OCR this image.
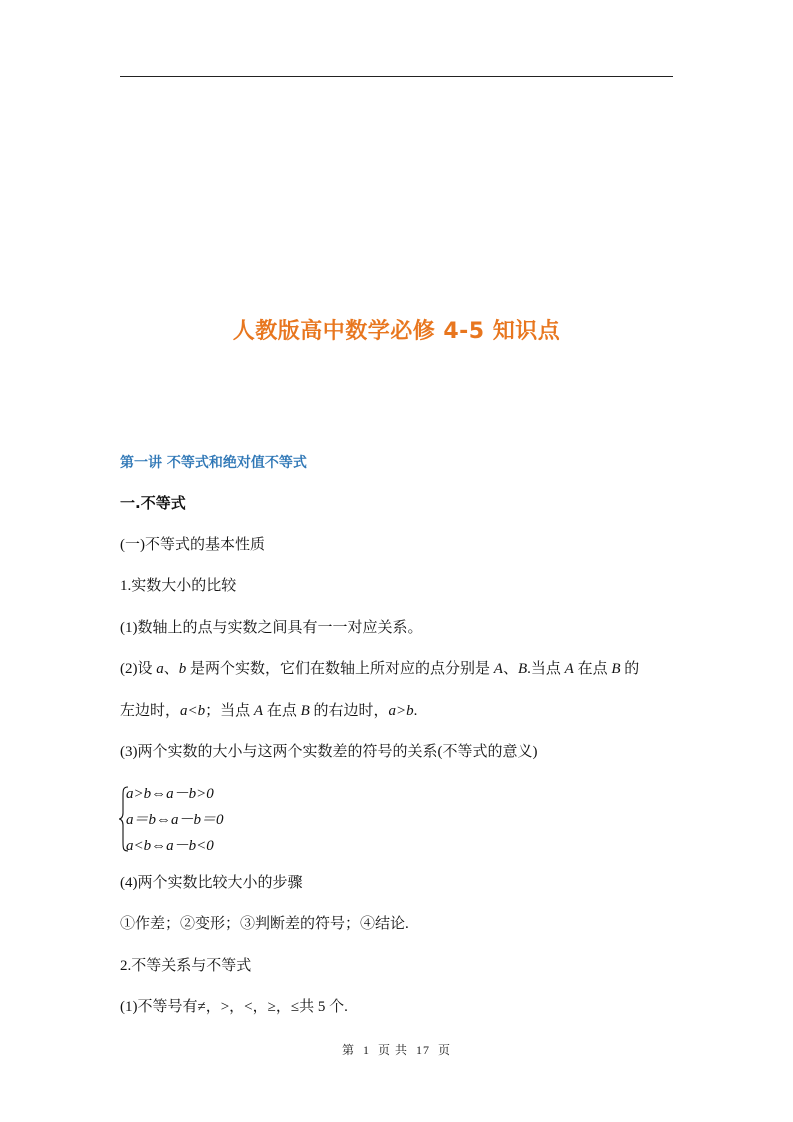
人教版高中数学必修 4-5 知识点
第一讲 不等式和绝对值不等式
一.不等式
(一)不等式的基本性质
1.实数大小的比较
(1)数轴上的点与实数之间具有一一对应关系。
(2)设 a、b 是两个实数，它们在数轴上所对应的点分别是 A、B.当点 A 在点 B 的
左边时，a<b；当点 A 在点 B 的右边时，a>b.
(3)两个实数的大小与这两个实数差的符号的关系(不等式的意义)
a>b⇔a－b>0
a＝b⇔a－b＝0
a<b⇔a－b<0
(4)两个实数比较大小的步骤
①作差；②变形；③判断差的符号；④结论.
2.不等关系与不等式
(1)不等号有≠，>，<，≥，≤共 5 个.
第 1 页 共 17 页
